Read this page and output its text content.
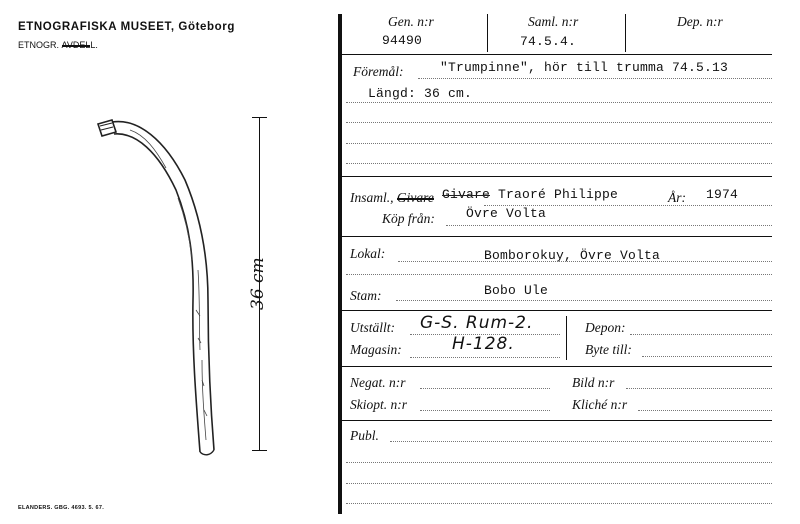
ETNOGRAFISKA MUSEET, Göteborg
ETNOGR. AVDELL.
36 cm
ELANDERS. GBG. 4693. 5. 67.
Gen. n:r
94490
Saml. n:r
74.5.4.
Dep. n:r
Föremål:	"Trumpinne", hör till trumma 74.5.13
Längd: 36 cm.
Insaml., Givare Givare Traoré Philippe	År: 1974
Köp från: Övre Volta
Lokal:	Bomborokuy, Övre Volta
Stam:	Bobo Ule
Utställt: G-S. Rum-2.
Magasin:	H-128.
Depon:
Byte till:
Negat. n:r	Bild n:r
Skiopt. n:r	Kliché n:r
Publ.
